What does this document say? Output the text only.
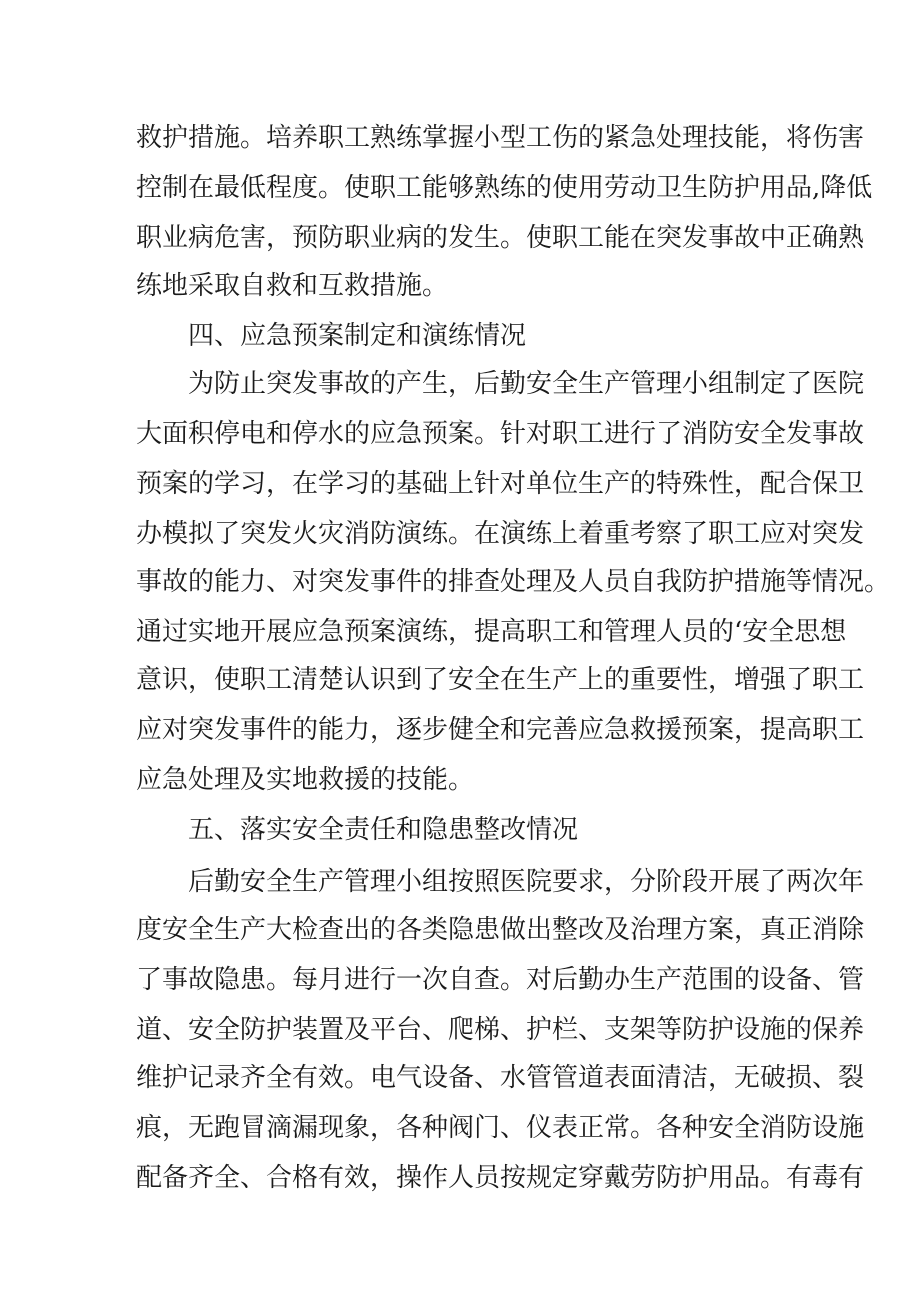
救护措施。培养职工熟练掌握小型工伤的紧急处理技能，将伤害
控制在最低程度。使职工能够熟练的使用劳动卫生防护用品,降低
职业病危害，预防职业病的发生。使职工能在突发事故中正确熟
练地采取自救和互救措施。
四、应急预案制定和演练情况
为防止突发事故的产生，后勤安全生产管理小组制定了医院
大面积停电和停水的应急预案。针对职工进行了消防安全发事故
预案的学习，在学习的基础上针对单位生产的特殊性，配合保卫
办模拟了突发火灾消防演练。在演练上着重考察了职工应对突发
事故的能力、对突发事件的排查处理及人员自我防护措施等情况。
通过实地开展应急预案演练，提高职工和管理人员的‘安全思想
意识，使职工清楚认识到了安全在生产上的重要性，增强了职工
应对突发事件的能力，逐步健全和完善应急救援预案，提高职工
应急处理及实地救援的技能。
五、落实安全责任和隐患整改情况
后勤安全生产管理小组按照医院要求，分阶段开展了两次年
度安全生产大检查出的各类隐患做出整改及治理方案，真正消除
了事故隐患。每月进行一次自查。对后勤办生产范围的设备、管
道、安全防护装置及平台、爬梯、护栏、支架等防护设施的保养
维护记录齐全有效。电气设备、水管管道表面清洁，无破损、裂
痕，无跑冒滴漏现象，各种阀门、仪表正常。各种安全消防设施
配备齐全、合格有效，操作人员按规定穿戴劳防护用品。有毒有
